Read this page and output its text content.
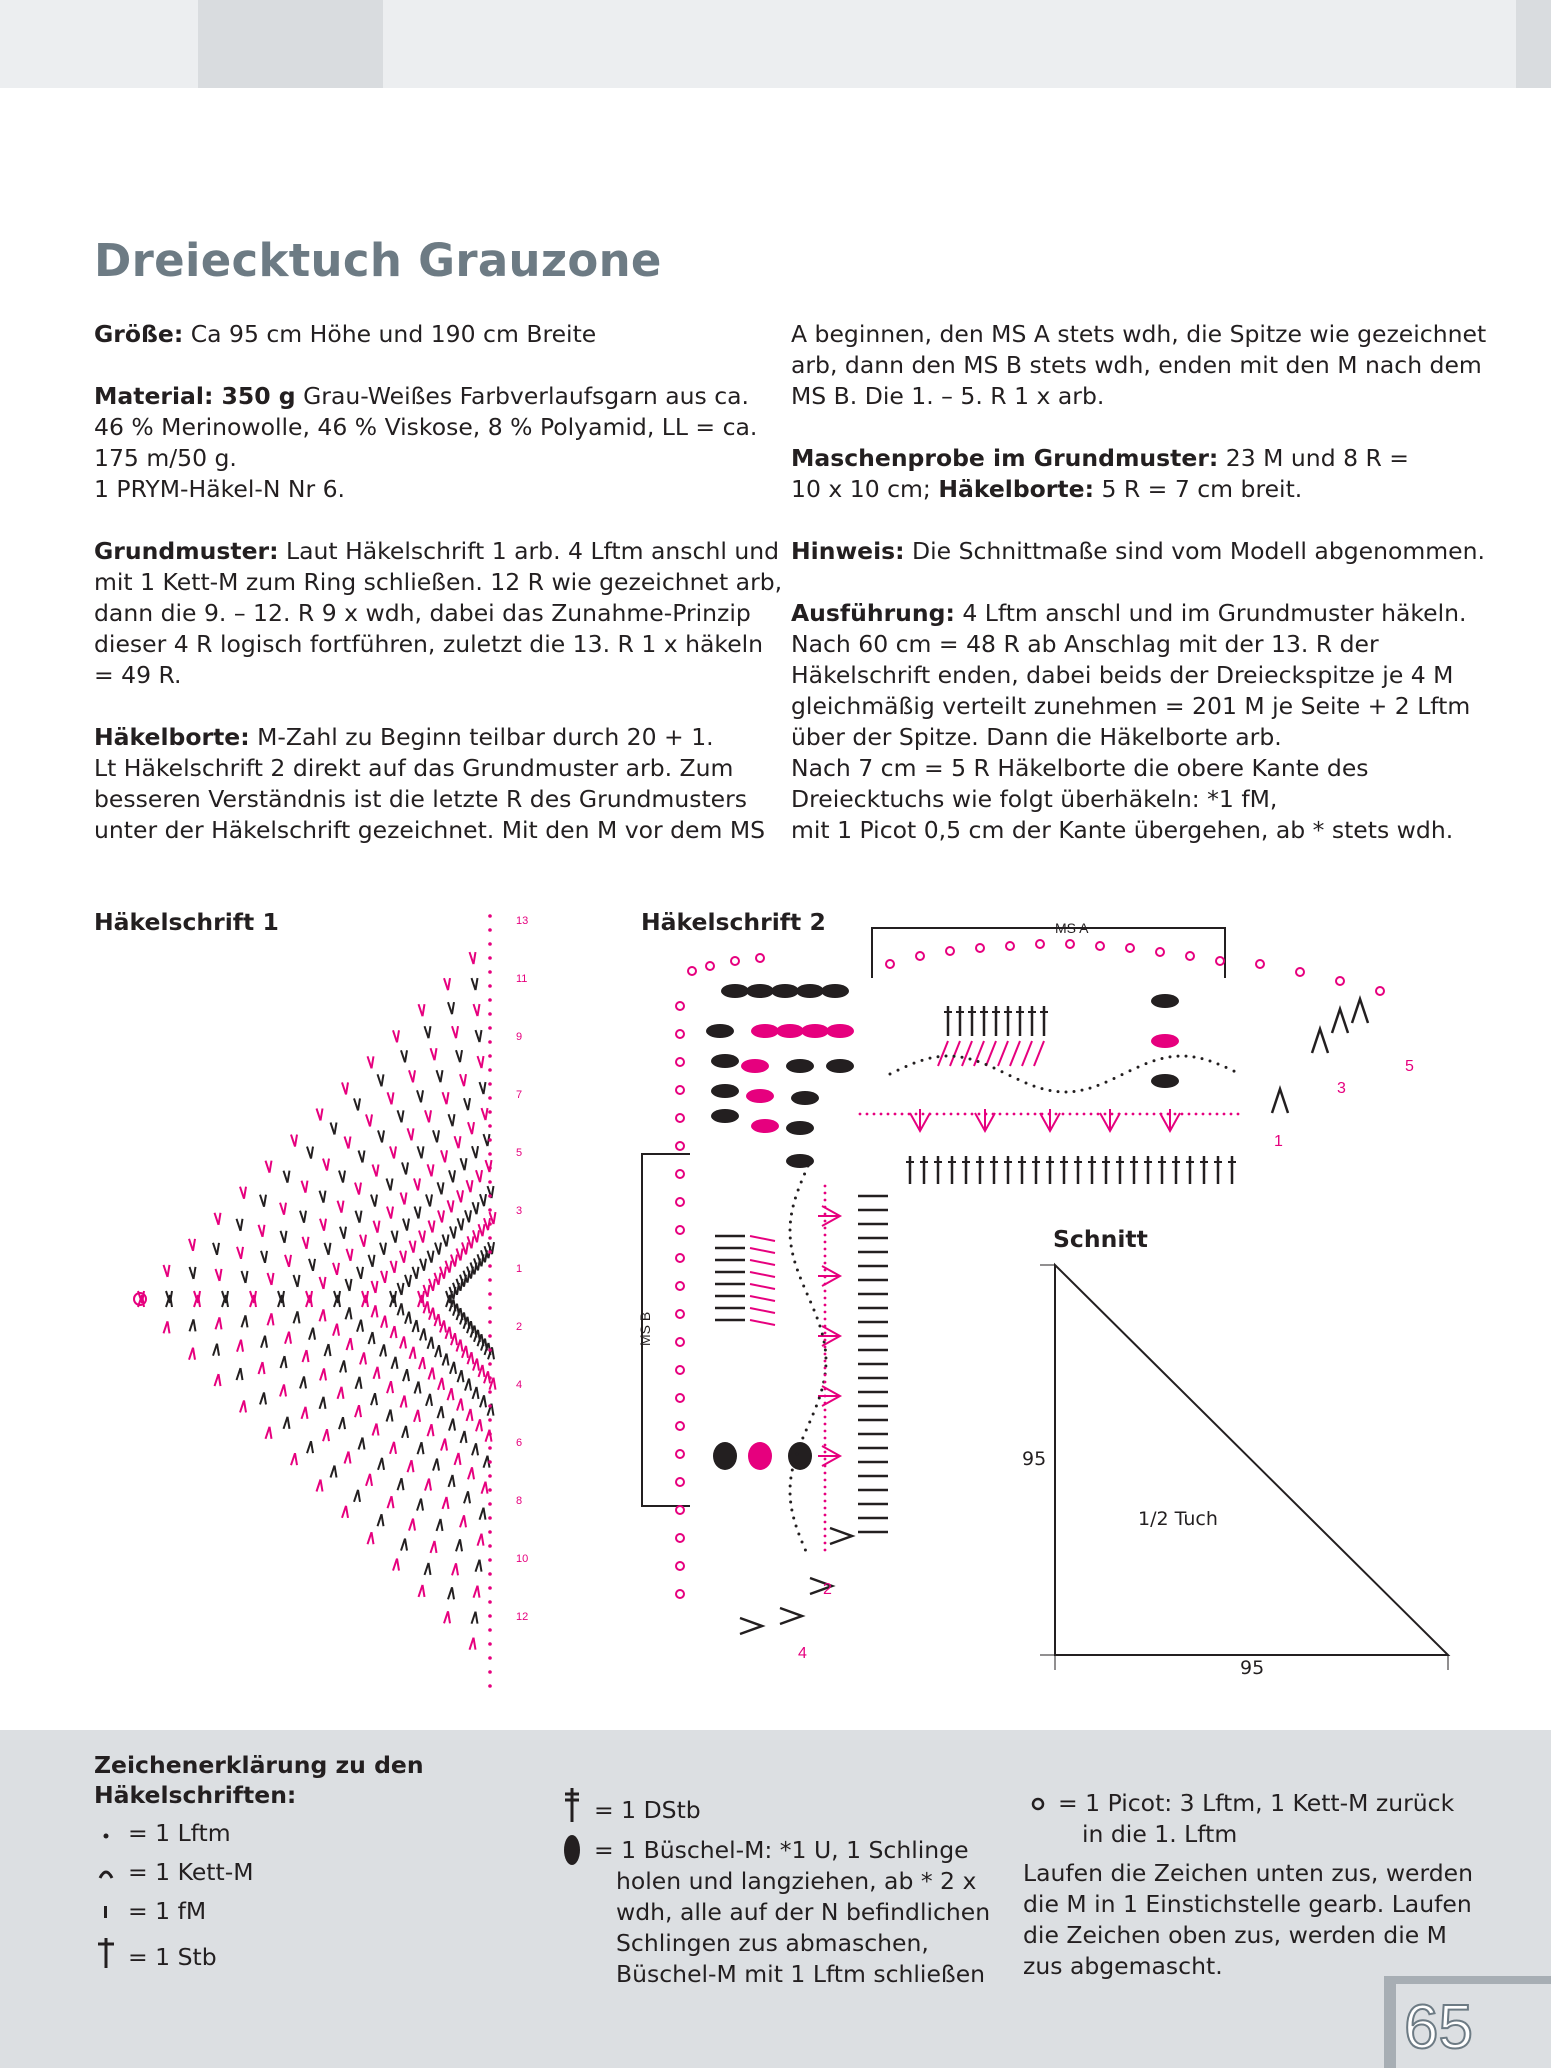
Dreiecktuch Grauzone
Größe: Ca 95 cm Höhe und 190 cm Breite
Material: 350 g Grau-Weißes Farbverlaufsgarn aus ca.
46 % Merinowolle, 46 % Viskose, 8 % Polyamid, LL = ca.
175 m/50 g.
1 PRYM-Häkel-N Nr 6.
Grundmuster: Laut Häkelschrift 1 arb. 4 Lftm anschl und
mit 1 Kett-M zum Ring schließen. 12 R wie gezeichnet arb,
dann die 9. – 12. R 9 x wdh, dabei das Zunahme-Prinzip
dieser 4 R logisch fortführen, zuletzt die 13. R 1 x häkeln
= 49 R.
Häkelborte: M-Zahl zu Beginn teilbar durch 20 + 1.
Lt Häkelschrift 2 direkt auf das Grundmuster arb. Zum
besseren Verständnis ist die letzte R des Grundmusters
unter der Häkelschrift gezeichnet. Mit den M vor dem MS
A beginnen, den MS A stets wdh, die Spitze wie gezeichnet
arb, dann den MS B stets wdh, enden mit den M nach dem
MS B. Die 1. – 5. R 1 x arb.
Maschenprobe im Grundmuster: 23 M und 8 R =
10 x 10 cm; Häkelborte: 5 R = 7 cm breit.
Hinweis: Die Schnittmaße sind vom Modell abgenommen.
Ausführung: 4 Lftm anschl und im Grundmuster häkeln.
Nach 60 cm = 48 R ab Anschlag mit der 13. R der
Häkelschrift enden, dabei beids der Dreieckspitze je 4 M
gleichmäßig verteilt zunehmen = 201 M je Seite + 2 Lftm
über der Spitze. Dann die Häkelborte arb.
Nach 7 cm = 5 R Häkelborte die obere Kante des
Dreiecktuchs wie folgt überhäkeln: *1 fM,
mit 1 Picot 0,5 cm der Kante übergehen, ab * stets wdh.
Häkelschrift 1	Häkelschrift 2
13
11
9
7
5
3
1
2
4
6
8
10
12
MS A
MS B
1
3
5
2
4
Schnitt
95
95
1/2 Tuch
Zeichenerklärung zu den
Häkelschriften:
= 1 Lftm
= 1 Kett-M
= 1 fM
= 1 Stb
= 1 DStb
= 1 Büschel-M: *1 U, 1 Schlinge
holen und langziehen, ab * 2 x
wdh, alle auf der N befindlichen
Schlingen zus abmaschen,
Büschel-M mit 1 Lftm schließen
= 1 Picot: 3 Lftm, 1 Kett-M zurück
in die 1. Lftm
Laufen die Zeichen unten zus, werden
die M in 1 Einstichstelle gearb. Laufen
die Zeichen oben zus, werden die M
zus abgemascht.
65
